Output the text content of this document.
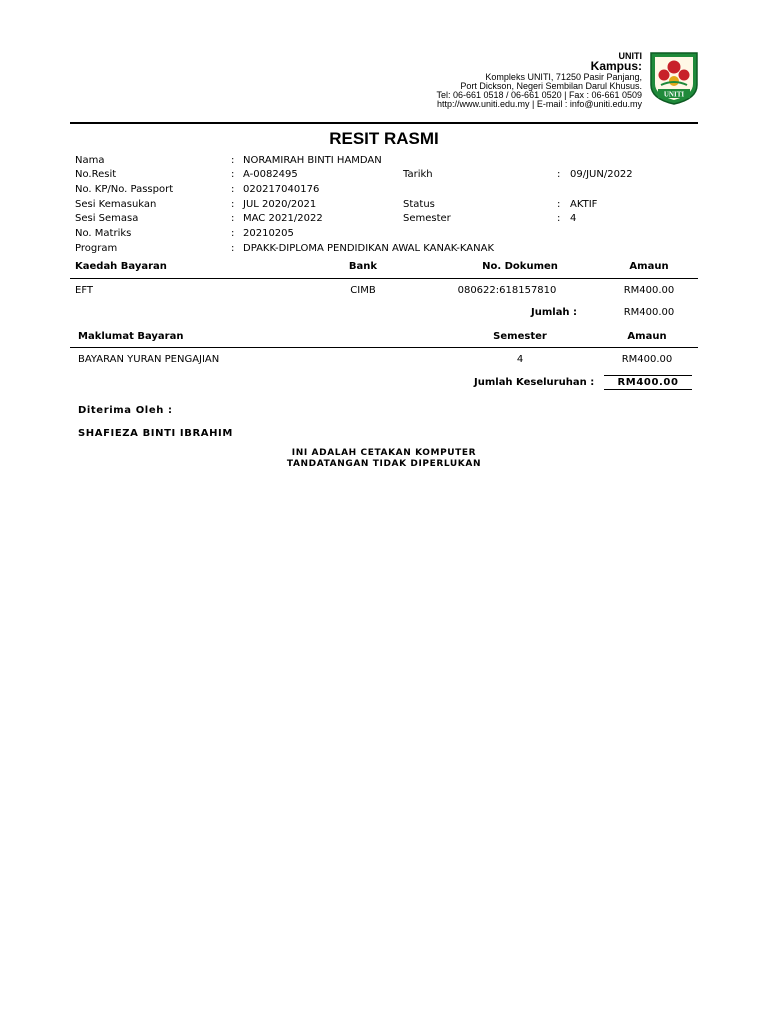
UNITI
Kampus:
Kompleks UNITI, 71250 Pasir Panjang,
Port Dickson, Negeri Sembilan Darul Khusus.
Tel: 06-661 0518 / 06-661 0520 | Fax : 06-661 0509
http://www.uniti.edu.my | E-mail : info@uniti.edu.my
UNITI
RESIT RASMI
Nama	: NORAMIRAH BINTI HAMDAN
No.Resit	: A-0082495	Tarikh	: 09/JUN/2022
No. KP/No. Passport	: 020217040176
Sesi Kemasukan	: JUL 2020/2021	Status	: AKTIF
Sesi Semasa	: MAC 2021/2022	Semester	: 4
No. Matriks	: 20210205
Program	: DPAKK-DIPLOMA PENDIDIKAN AWAL KANAK-KANAK
Kaedah Bayaran	Bank	No. Dokumen	Amaun
EFT	CIMB	080622:618157810	RM400.00
Jumlah :	RM400.00
Maklumat Bayaran	Semester	Amaun
BAYARAN YURAN PENGAJIAN	4	RM400.00
Jumlah Keseluruhan : RM400.00
Diterima Oleh :
SHAFIEZA BINTI IBRAHIM
INI ADALAH CETAKAN KOMPUTER
TANDATANGAN TIDAK DIPERLUKAN
